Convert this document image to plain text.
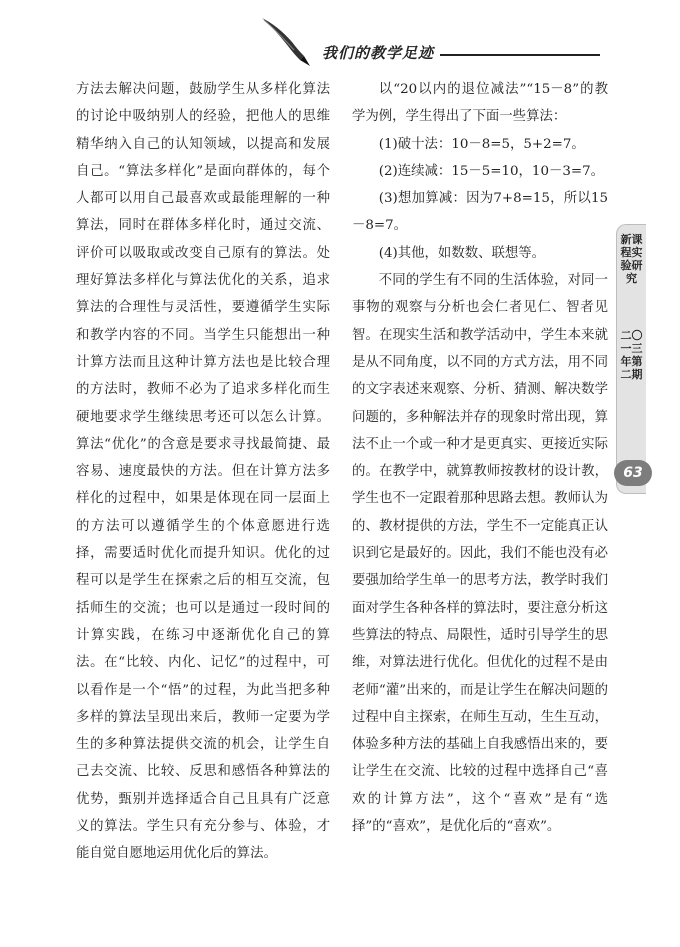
我们的教学足迹

方法去解决问题，鼓励学生从多样化算法的讨论中吸纳别人的经验，把他人的思维精华纳入自己的认知领域，以提高和发展自己。“算法多样化”是面向群体的，每个人都可以用自己最喜欢或最能理解的一种算法，同时在群体多样化时，通过交流、评价可以吸取或改变自己原有的算法。处理好算法多样化与算法优化的关系，追求算法的合理性与灵活性，要遵循学生实际和教学内容的不同。当学生只能想出一种计算方法而且这种计算方法也是比较合理的方法时，教师不必为了追求多样化而生硬地要求学生继续思考还可以怎么计算。算法“优化”的含意是要求寻找最简捷、最容易、速度最快的方法。但在计算方法多样化的过程中，如果是体现在同一层面上的方法可以遵循学生的个体意愿进行选择，需要适时优化而提升知识。优化的过程可以是学生在探索之后的相互交流，包括师生的交流；也可以是通过一段时间的计算实践，在练习中逐渐优化自己的算法。在“比较、内化、记忆”的过程中，可以看作是一个“悟”的过程，为此当把多种多样的算法呈现出来后，教师一定要为学生的多种算法提供交流的机会，让学生自己去交流、比较、反思和感悟各种算法的优势，甄别并选择适合自己且具有广泛意义的算法。学生只有充分参与、体验，才能自觉自愿地运用优化后的算法。

以“20以内的退位减法”“15－8”的教学为例，学生得出了下面一些算法：

(1)破十法：10－8=5，5+2=7。

(2)连续减：15－5=10，10－3=7。

(3)想加算减：因为7+8=15，所以15－8=7。

(4)其他，如数数、联想等。

不同的学生有不同的生活体验，对同一事物的观察与分析也会仁者见仁、智者见智。在现实生活和教学活动中，学生本来就是从不同角度，以不同的方式方法，用不同的文字表述来观察、分析、猜测、解决数学问题的，多种解法并存的现象时常出现，算法不止一个或一种才是更真实、更接近实际的。在教学中，就算教师按教材的设计教，学生也不一定跟着那种思路去想。教师认为的、教材提供的方法，学生不一定能真正认识到它是最好的。因此，我们不能也没有必要强加给学生单一的思考方法，教学时我们面对学生各种各样的算法时，要注意分析这些算法的特点、局限性，适时引导学生的思维，对算法进行优化。但优化的过程不是由老师“灌”出来的，而是让学生在解决问题的过程中自主探索，在师生互动，生生互动，体验多种方法的基础上自我感悟出来的，要让学生在交流、比较的过程中选择自己“喜欢的计算方法”，这个“喜欢”是有“选择”的“喜欢”，是优化后的“喜欢”。

新课程实验研究
二〇一三年第二期
63
